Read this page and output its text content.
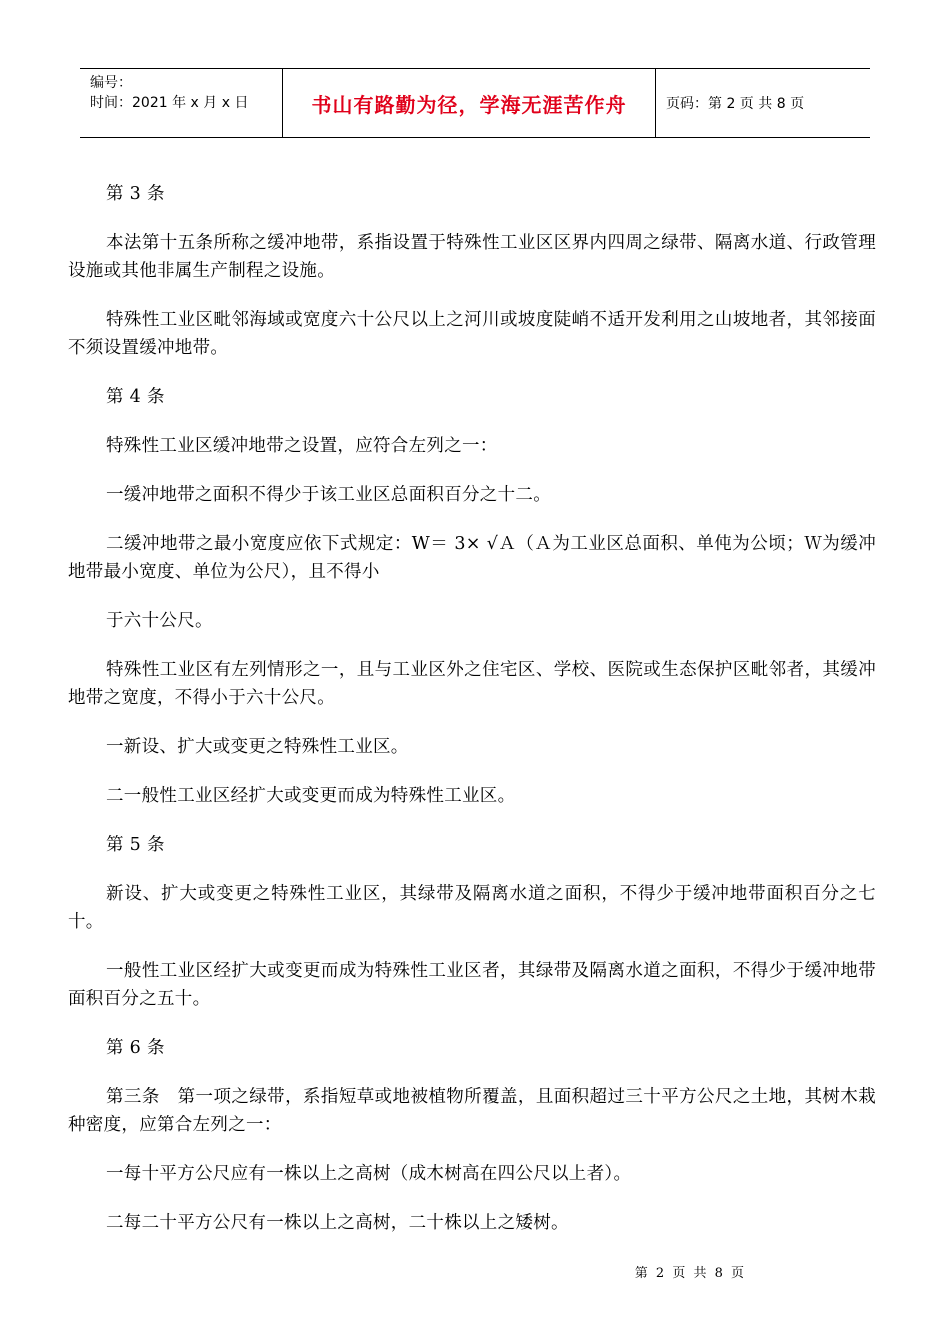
编号：
时间：2021 年 x 月 x 日	书山有路勤为径，学海无涯苦作舟	页码：第 2 页 共 8 页

第 3 条

本法第十五条所称之缓冲地带，系指设置于特殊性工业区区界内四周之绿带、隔离水道、行政管理设施或其他非属生产制程之设施。

特殊性工业区毗邻海域或宽度六十公尺以上之河川或坡度陡峭不适开发利用之山坡地者，其邻接面不须设置缓冲地带。

第 4 条

特殊性工业区缓冲地带之设置，应符合左列之一：

一缓冲地带之面积不得少于该工业区总面积百分之十二。

二缓冲地带之最小宽度应依下式规定：W＝ 3× √Ａ（Ａ为工业区总面积、单伅为公顷；Ｗ为缓冲地带最小宽度、单位为公尺），且不得小

于六十公尺。

特殊性工业区有左列情形之一，且与工业区外之住宅区、学校、医院或生态保护区毗邻者，其缓冲地带之宽度，不得小于六十公尺。

一新设、扩大或变更之特殊性工业区。

二一般性工业区经扩大或变更而成为特殊性工业区。

第 5 条

新设、扩大或变更之特殊性工业区，其绿带及隔离水道之面积，不得少于缓冲地带面积百分之七十。

一般性工业区经扩大或变更而成为特殊性工业区者，其绿带及隔离水道之面积，不得少于缓冲地带面积百分之五十。

第 6 条

第三条　第一项之绿带，系指短草或地被植物所覆盖，且面积超过三十平方公尺之土地，其树木栽种密度，应第合左列之一：

一每十平方公尺应有一株以上之高树（成木树高在四公尺以上者）。

二每二十平方公尺有一株以上之高树，二十株以上之矮树。

第 2 页 共 8 页
